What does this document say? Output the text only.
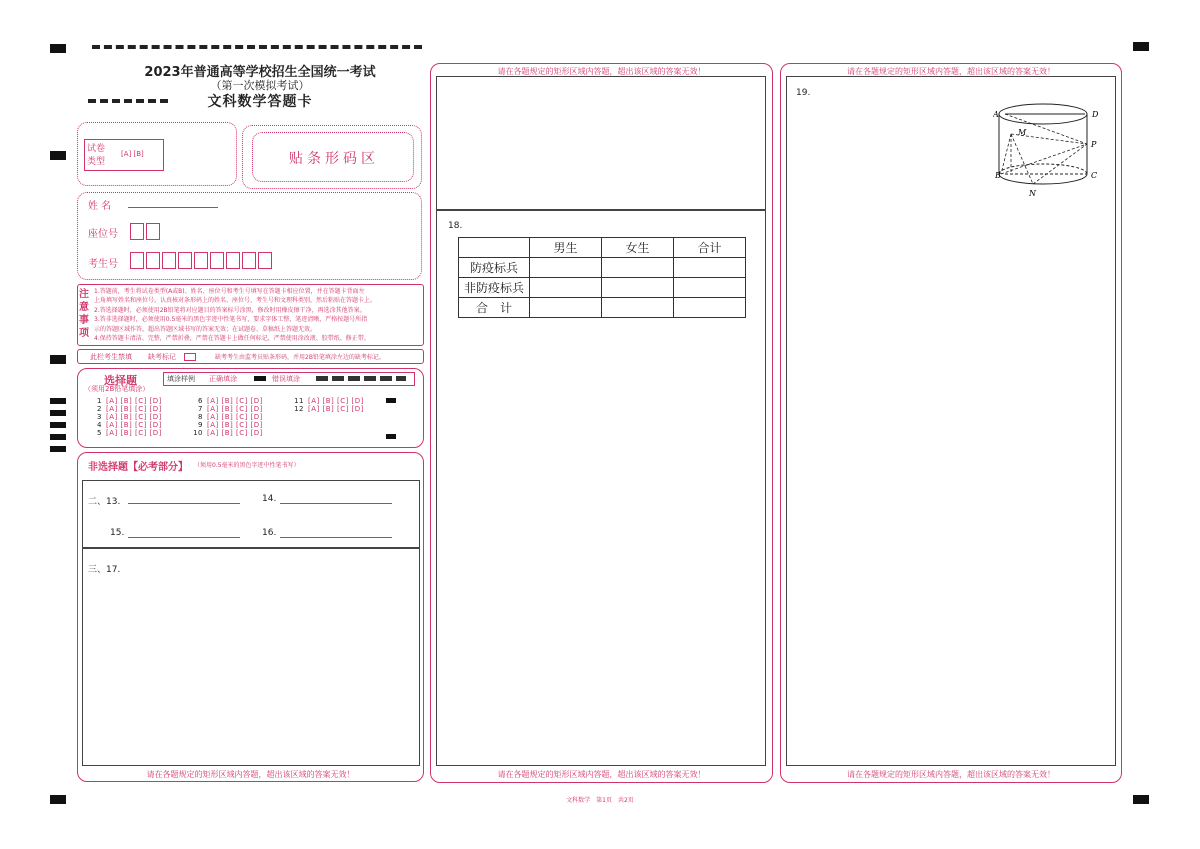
2023年普通高等学校招生全国统一考试
（第一次模拟考试）
文科数学答题卡
试卷类型
[A] [B]	贴条形码区
姓 名
座位号
考生号
注意事项
1.答题前，考生将试卷类型(A或B)、姓名、座位号和考生号填写在答题卡相应位置，并在答题卡背面左
上角填写姓名和座位号。认真核对条形码上的姓名、座位号、考生号和文理科类别，然后粘贴在答题卡上。
2.答选择题时，必须使用2B铅笔将对应题目的答案标号涂黑，修改时用橡皮擦干净，再选涂其他答案。
3.答非选择题时，必须使用0.5毫米的黑色字迹中性笔书写，要求字体工整，笔迹清晰，严格按题号所指
示的答题区域作答，超出答题区域书写的答案无效；在试题卷、草稿纸上答题无效。
4.保持答题卡清洁、完整，严禁折叠，严禁在答题卡上做任何标记，严禁使用涂改液、胶带纸、修正带。
此栏考生禁填 缺考标记	缺考考生由监考员贴条形码，并用2B铅笔填涂左边的缺考标记。
选择题
（须用2B铅笔填涂）
填涂样例 正确填涂	错误填涂
1 [A] [B] [C] [D]
2 [A] [B] [C] [D]
3 [A] [B] [C] [D]
4 [A] [B] [C] [D]
5 [A] [B] [C] [D]
6 [A] [B] [C] [D]
7 [A] [B] [C] [D]
8 [A] [B] [C] [D]
9 [A] [B] [C] [D]
10 [A] [B] [C] [D]
11 [A] [B] [C] [D]
12 [A] [B] [C] [D]
非选择题【必考部分】 （须用0.5毫米的黑色字迹中性笔书写）
二、13.	14.
15.	16.
三、17.
请在各题规定的矩形区域内答题，超出该区域的答案无效！
请在各题规定的矩形区域内答题，超出该区域的答案无效！
18.
	男生	女生	合计
防疫标兵			
非防疫标兵			
合　计			
请在各题规定的矩形区域内答题，超出该区域的答案无效！
请在各题规定的矩形区域内答题，超出该区域的答案无效！
19.
A	D
M
P
B	C
N
请在各题规定的矩形区域内答题，超出该区域的答案无效！
文科数学　第1页　共2页
